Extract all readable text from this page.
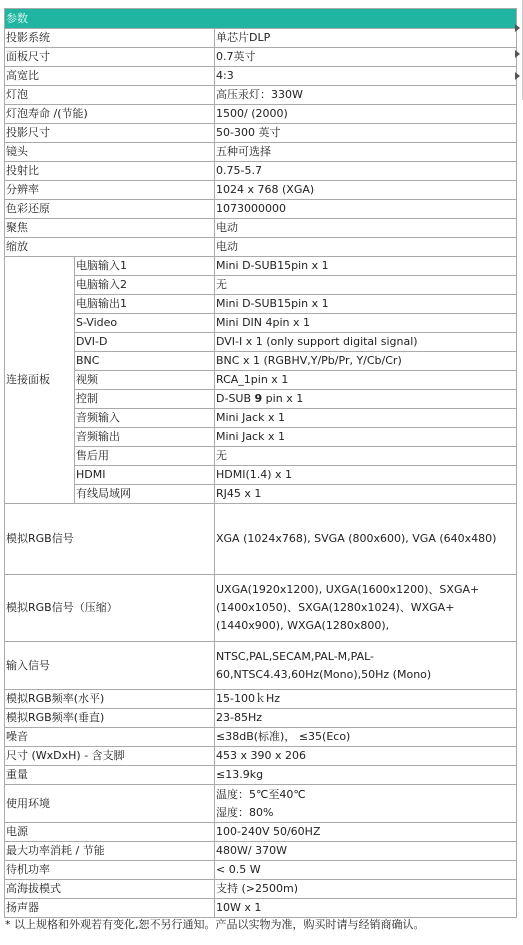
参数		
投影系统		单芯片DLP
面板尺寸		0.7英寸
高宽比		4:3
灯泡		高压汞灯：330W
灯泡寿命 /(节能)		1500/ (2000)
投影尺寸		50-300 英寸
镜头		五种可选择
投射比		0.75-5.7
分辨率		1024 x 768 (XGA)
色彩还原		1073000000
聚焦		电动
缩放		电动
连接面板	电脑输入1	Mini D-SUB15pin x 1
	电脑输入2	无
	电脑输出1	Mini D-SUB15pin x 1
	S-Video	Mini DIN 4pin x 1
	DVI-D	DVI-I x 1 (only support digital signal)
	BNC	BNC x 1 (RGBHV,Y/Pb/Pr, Y/Cb/Cr)
	视频	RCA_1pin x 1
	控制	D-SUB 9 pin x 1
	音频输入	Mini Jack x 1
	音频输出	Mini Jack x 1
	售后用	无
	HDMI	HDMI(1.4) x 1
	有线局域网	RJ45 x 1
模拟RGB信号		XGA (1024x768), SVGA (800x600), VGA (640x480)
模拟RGB信号（压缩）		UXGA(1920x1200), UXGA(1600x1200)、SXGA+(1400x1050)、SXGA(1280x1024)、WXGA+(1440x900), WXGA(1280x800),
输入信号		NTSC,PAL,SECAM,PAL-M,PAL-60,NTSC4.43,60Hz(Mono),50Hz (Mono)
模拟RGB频率(水平)		15-100ｋHz
模拟RGB频率(垂直)		23-85Hz
噪音		≤38dB(标准)， ≤35(Eco)
尺寸 (WxDxH) - 含支脚		453 x 390 x 206
重量		≤13.9kg
使用环境		温度：5℃至40℃
湿度：80%

电源		100-240V 50/60HZ
最大功率消耗 / 节能		480W/ 370W
待机功率		< 0.5 W
高海拔模式		支持 (>2500m)
扬声器		10W x 1
* 以上规格和外观若有变化,恕不另行通知。产品以实物为准，购买时请与经销商确认。
